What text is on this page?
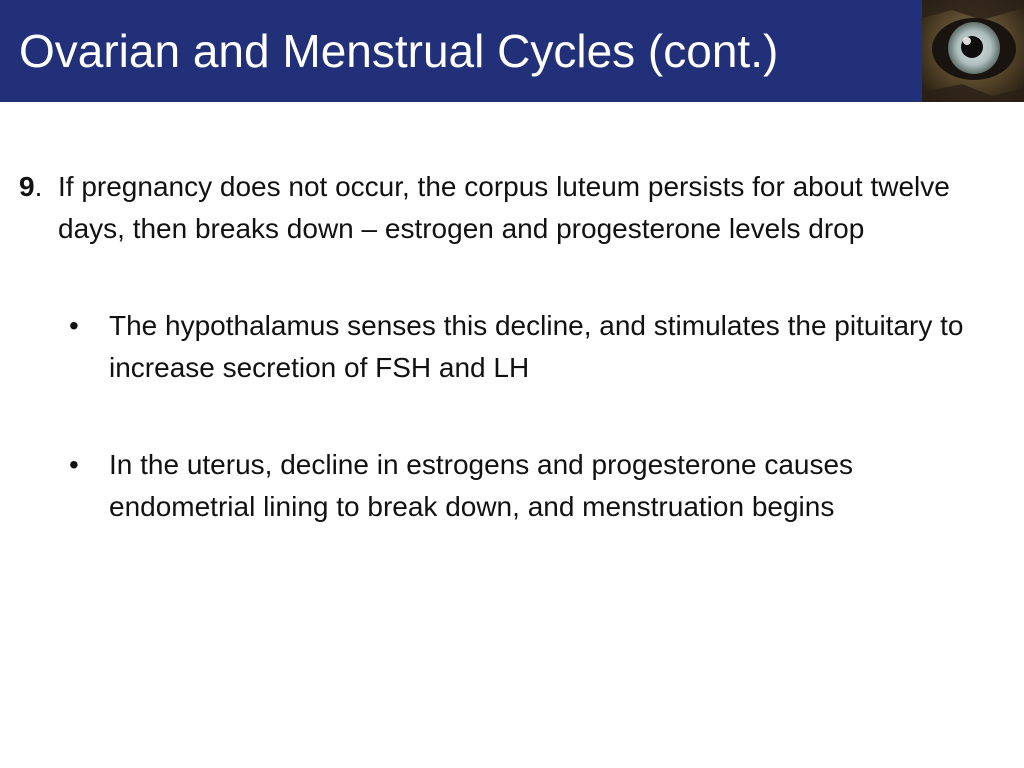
Ovarian and Menstrual Cycles (cont.)
9. If pregnancy does not occur, the corpus luteum persists for about twelve days, then breaks down – estrogen and progesterone levels drop
•	The hypothalamus senses this decline, and stimulates the pituitary to increase secretion of FSH and LH
•	In the uterus, decline in estrogens and progesterone causes endometrial lining to break down, and menstruation begins
